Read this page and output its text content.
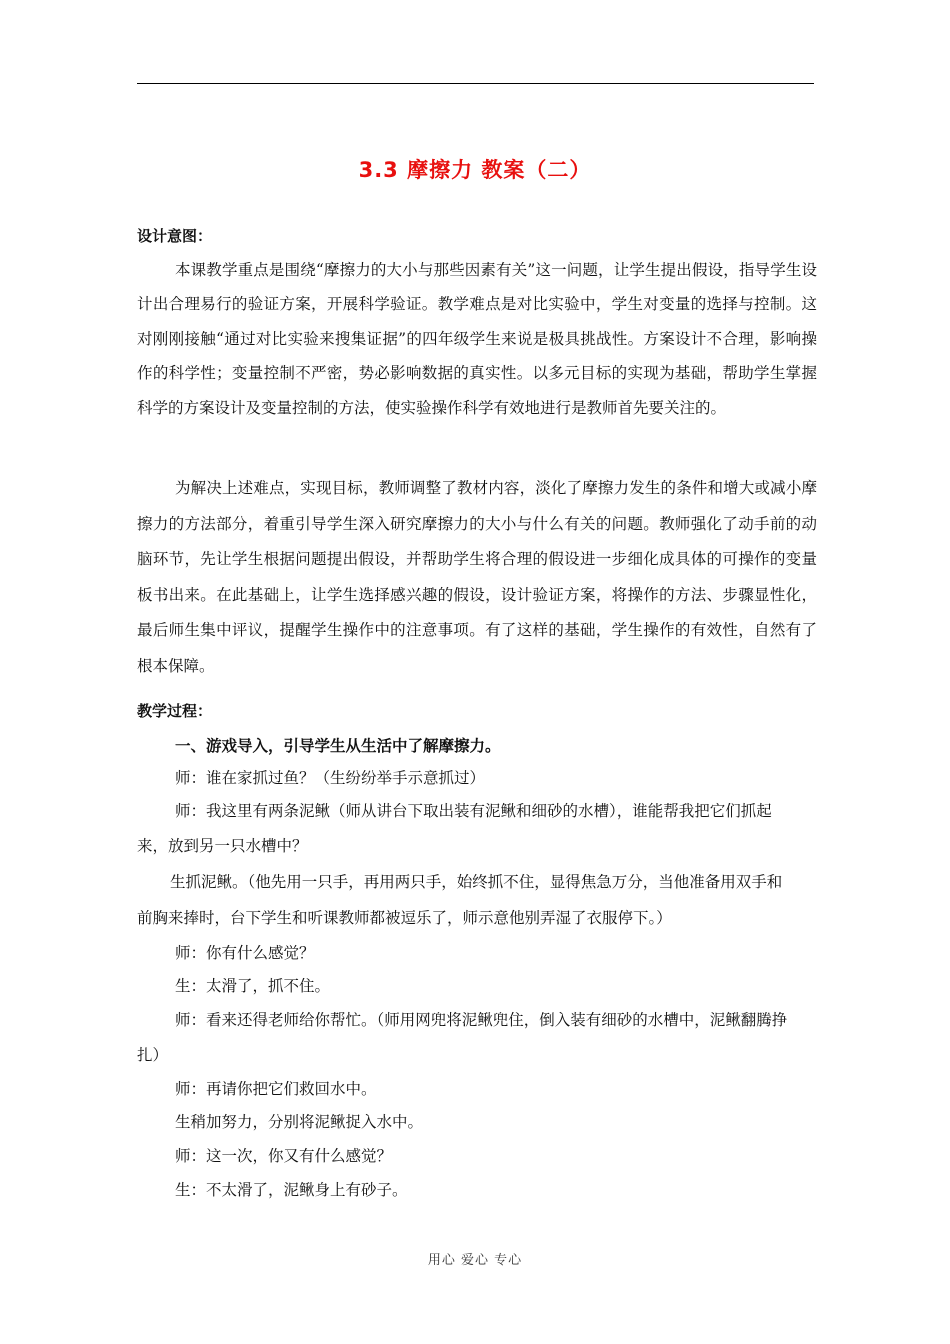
3.3 摩擦力 教案（二）
设计意图：
本课教学重点是围绕“摩擦力的大小与那些因素有关”这一问题，让学生提出假设，指导学生设计出合理易行的验证方案，开展科学验证。教学难点是对比实验中，学生对变量的选择与控制。这对刚刚接触“通过对比实验来搜集证据”的四年级学生来说是极具挑战性。方案设计不合理，影响操作的科学性；变量控制不严密，势必影响数据的真实性。以多元目标的实现为基础，帮助学生掌握科学的方案设计及变量控制的方法，使实验操作科学有效地进行是教师首先要关注的。
为解决上述难点，实现目标，教师调整了教材内容，淡化了摩擦力发生的条件和增大或减小摩擦力的方法部分，着重引导学生深入研究摩擦力的大小与什么有关的问题。教师强化了动手前的动脑环节，先让学生根据问题提出假设，并帮助学生将合理的假设进一步细化成具体的可操作的变量板书出来。在此基础上，让学生选择感兴趣的假设，设计验证方案，将操作的方法、步骤显性化，最后师生集中评议，提醒学生操作中的注意事项。有了这样的基础，学生操作的有效性，自然有了根本保障。
教学过程：
一、游戏导入，引导学生从生活中了解摩擦力。
师：谁在家抓过鱼？（生纷纷举手示意抓过）
师：我这里有两条泥鳅（师从讲台下取出装有泥鳅和细砂的水槽），谁能帮我把它们抓起
来，放到另一只水槽中？
生抓泥鳅。（他先用一只手，再用两只手，始终抓不住，显得焦急万分，当他准备用双手和
前胸来捧时，台下学生和听课教师都被逗乐了，师示意他别弄湿了衣服停下。）
师：你有什么感觉？
生：太滑了，抓不住。
师：看来还得老师给你帮忙。（师用网兜将泥鳅兜住，倒入装有细砂的水槽中，泥鳅翻腾挣
扎）
师：再请你把它们救回水中。
生稍加努力，分别将泥鳅捉入水中。
师：这一次，你又有什么感觉？
生：不太滑了，泥鳅身上有砂子。
用心 爱心 专心
